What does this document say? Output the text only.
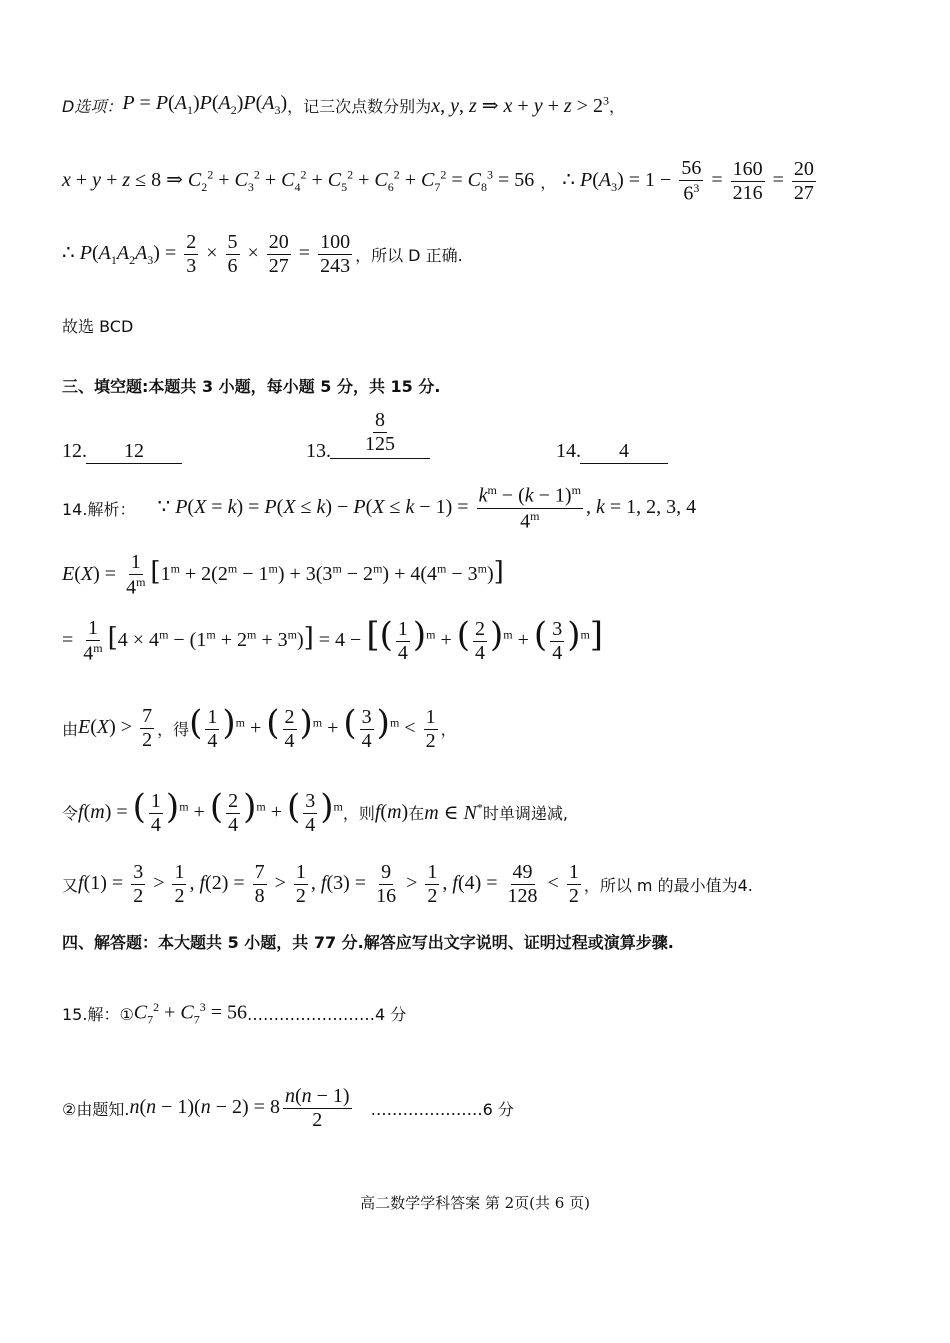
D选项： $P = P(A_1)P(A_2)P(A_3)$ ，记三次点数分别为 x, y, z ⇒ $x + y + z > 2^3$ ，
x + y + z ≤ 8 ⇒ $C_2^2 + C_3^2 + C_4^2 + C_5^2 + C_6^2 + C_7^2 = C_8^3 = 56$ ， ∴ $P(A_3) = 1 - \frac{56}{6^3} = \frac{160}{216} = \frac{20}{27}$
∴ $P(A_1A_2A_3) = \frac{2}{3} \times \frac{5}{6} \times \frac{20}{27} = \frac{100}{243}$ ，所以 D 正确.
故选 BCD
三、填空题:本题共 3 小题，每小题 5 分，共 15 分.
12.	12	13. $\frac{8}{125}$	14.	4
14.解析： ∵ $P(X = k) = P(X \le k) - P(X \le k - 1) = \frac{k^m - (k - 1)^m}{4^m}$ , k = 1, 2, 3, 4
$E(X) = \frac{1}{4^m} [1^m + 2(2^m - 1^m) + 3(3^m - 2^m) + 4(4^m - 3^m)]$
= $\frac{1}{4^m} [4 \times 4^m - (1^m + 2^m + 3^m)] = 4$ − [( $\frac{1}{4} )^m$ + ( $\frac{2}{4} )^m$ + ( $\frac{3}{4} )^m$]
由 $E(X) > \frac{7}{2}$ ，得 ( $\frac{1}{4} )^m$ + ( $\frac{2}{4} )^m$ + ( $\frac{3}{4} )^m < \frac{1}{2}$ ，
令 f(m) = ( $\frac{1}{4} )^m$ + ( $\frac{2}{4} )^m$ + ( $\frac{3}{4} )^m$ ，则 f(m) 在 m ∈ N* 时单调递减,
又 $f(1) = \frac{3}{2} > \frac{1}{2}$ , $f(2) = \frac{7}{8} > \frac{1}{2}$ , $f(3) = \frac{9}{16} > \frac{1}{2}$ , $f(4) = \frac{49}{128} < \frac{1}{2}$ ，所以 m 的最小值为4.
四、解答题：本大题共 5 小题，共 77 分.解答应写出文字说明、证明过程或演算步骤.
15.解：① $C_7^2 + C_7^3 = 56$ ……………………4 分
②由题知. $n(n - 1)(n - 2) = 8 \frac{n(n - 1)}{2}$ …………………6 分
高二数学学科答案 第 2页(共 6 页)
